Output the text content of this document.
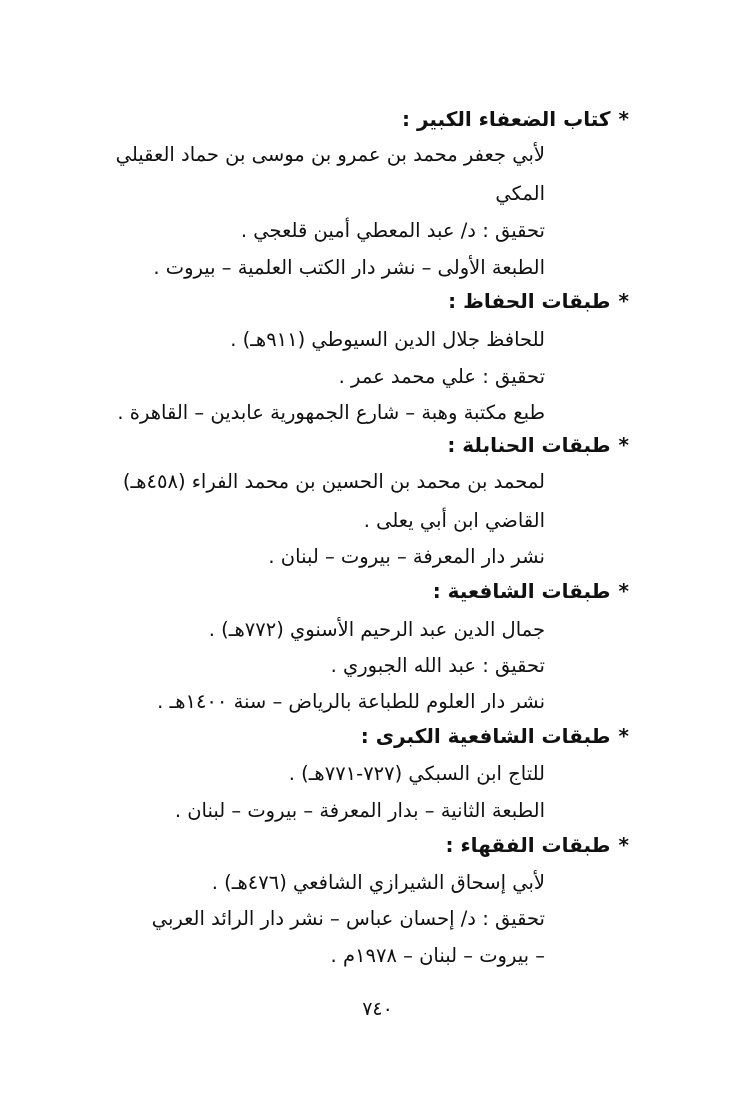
*كتاب الضعفاء الكبير :
لأبي جعفر محمد بن عمرو بن موسى بن حماد العقيلي
المكي
تحقيق : د/ عبد المعطي أمين قلعجي .
الطبعة الأولى – نشر دار الكتب العلمية – بيروت .
*طبقات الحفاظ :
للحافظ جلال الدين السيوطي (٩١١هـ) .
تحقيق : علي محمد عمر .
طبع مكتبة وهبة – شارع الجمهورية عابدين – القاهرة .
*طبقات الحنابلة :
لمحمد بن محمد بن الحسين بن محمد الفراء (٤٥٨هـ)
القاضي ابن أبي يعلى .
نشر دار المعرفة – بيروت – لبنان .
*طبقات الشافعية :
جمال الدين عبد الرحيم الأسنوي (٧٧٢هـ) .
تحقيق : عبد الله الجبوري .
نشر دار العلوم للطباعة بالرياض – سنة ١٤٠٠هـ .
*طبقات الشافعية الكبرى :
للتاج ابن السبكي (٧٢٧-٧٧١هـ) .
الطبعة الثانية – بدار المعرفة – بيروت – لبنان .
*طبقات الفقهاء :
لأبي إسحاق الشيرازي الشافعي (٤٧٦هـ) .
تحقيق : د/ إحسان عباس – نشر دار الرائد العربي
– بيروت – لبنان – ١٩٧٨م .
٧٤٠
